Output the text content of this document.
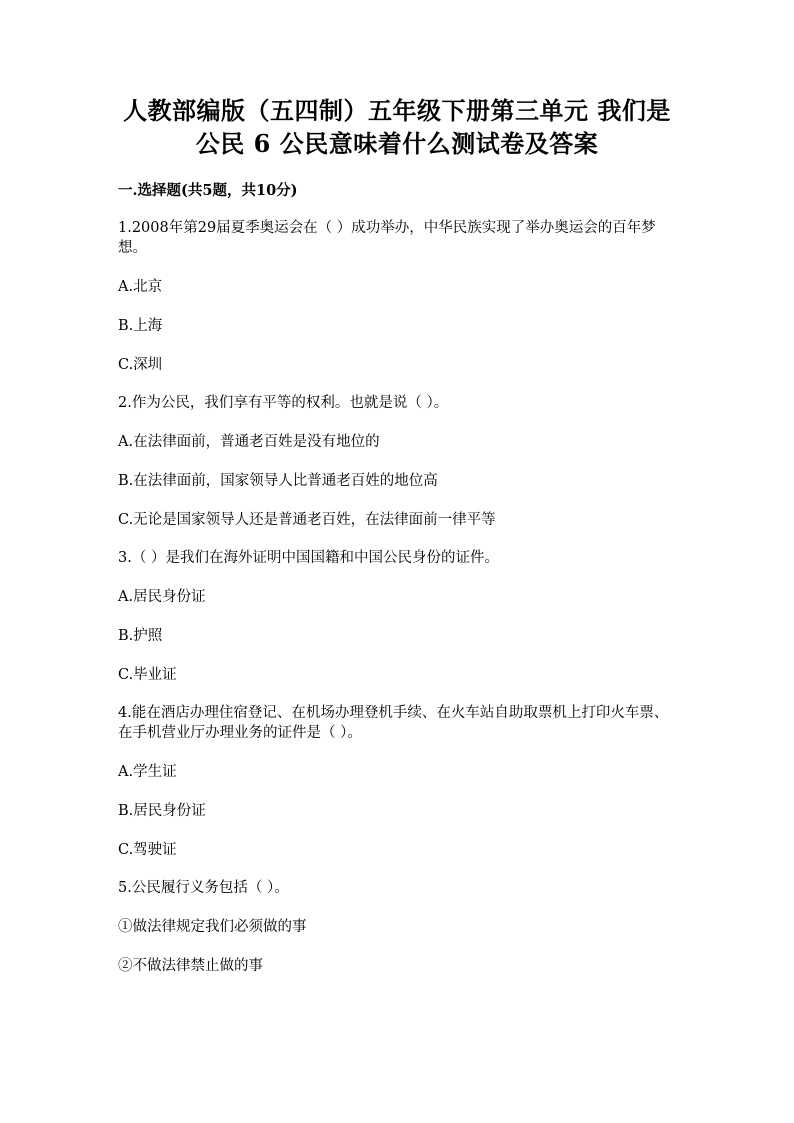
人教部编版（五四制）五年级下册第三单元 我们是
公民 6 公民意味着什么测试卷及答案
一.选择题(共5题，共10分)
1.2008年第29届夏季奥运会在（ ）成功举办，中华民族实现了举办奥运会的百年梦想。
A.北京
B.上海
C.深圳
2.作为公民，我们享有平等的权利。也就是说（ ）。
A.在法律面前，普通老百姓是没有地位的
B.在法律面前，国家领导人比普通老百姓的地位高
C.无论是国家领导人还是普通老百姓，在法律面前一律平等
3.（ ）是我们在海外证明中国国籍和中国公民身份的证件。
A.居民身份证
B.护照
C.毕业证
4.能在酒店办理住宿登记、在机场办理登机手续、在火车站自助取票机上打印火车票、在手机营业厅办理业务的证件是（ ）。
A.学生证
B.居民身份证
C.驾驶证
5.公民履行义务包括（ ）。
①做法律规定我们必须做的事
②不做法律禁止做的事
